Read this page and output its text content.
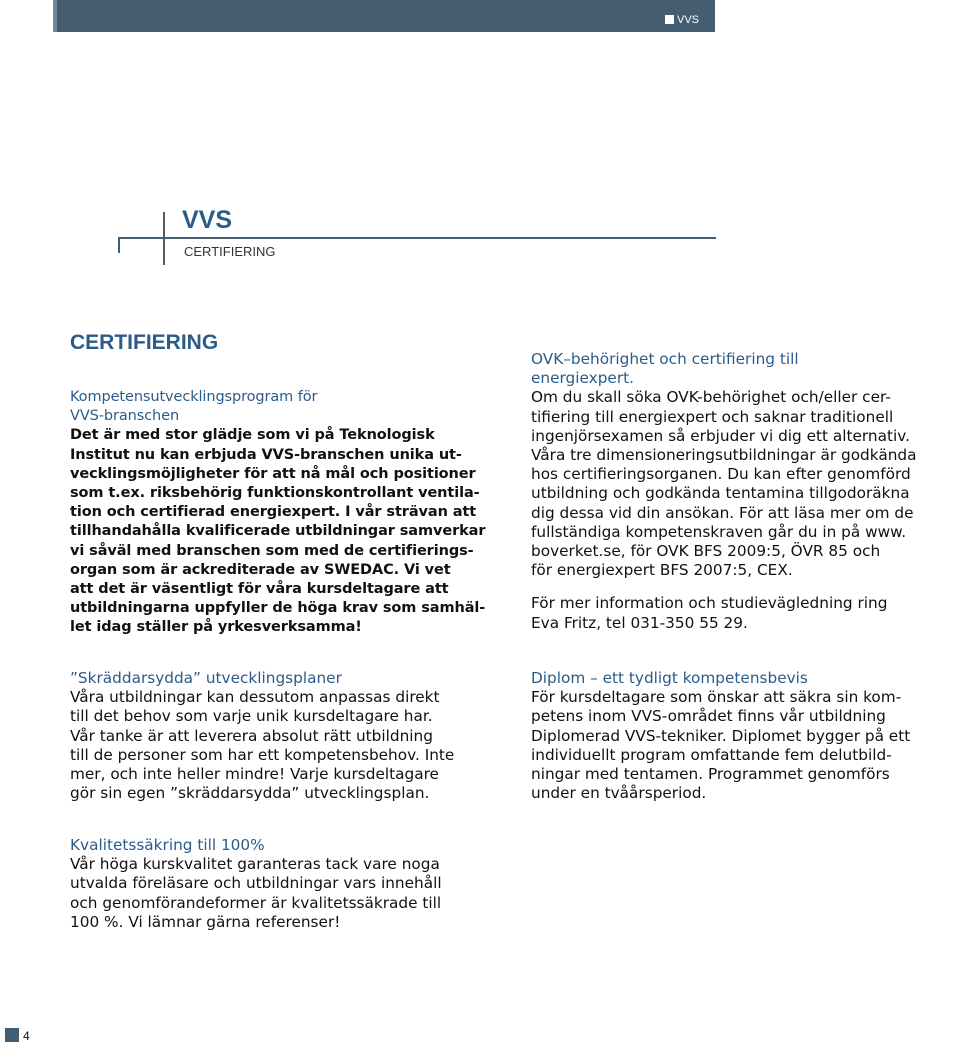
VVS
VVS
CERTIFIERING
CERTIFIERING

Kompetensutvecklingsprogram för
VVS-branschen
Det är med stor glädje som vi på Teknologisk
Institut nu kan erbjuda VVS-branschen unika ut-
vecklingsmöjligheter för att nå mål och positioner
som t.ex. riksbehörig funktionskontrollant ventila-
tion och certifierad energiexpert. I vår strävan att
tillhandahålla kvalificerade utbildningar samverkar
vi såväl med branschen som med de certifierings-
organ som är ackrediterade av SWEDAC. Vi vet
att det är väsentligt för våra kursdeltagare att
utbildningarna uppfyller de höga krav som samhäl-
let idag ställer på yrkesverksamma!

OVK–behörighet och certifiering till
energiexpert.
Om du skall söka OVK-behörighet och/eller cer-
tifiering till energiexpert och saknar traditionell
ingenjörsexamen så erbjuder vi dig ett alternativ.
Våra tre dimensioneringsutbildningar är godkända
hos certifieringsorganen. Du kan efter genomförd
utbildning och godkända tentamina tillgodoräkna
dig dessa vid din ansökan. För att läsa mer om de
fullständiga kompetenskraven går du in på www.
boverket.se, för OVK BFS 2009:5, ÖVR 85 och
för energiexpert BFS 2007:5, CEX.
För mer information och studievägledning ring
Eva Fritz, tel 031-350 55 29.

”Skräddarsydda” utvecklingsplaner
Våra utbildningar kan dessutom anpassas direkt
till det behov som varje unik kursdeltagare har.
Vår tanke är att leverera absolut rätt utbildning
till de personer som har ett kompetensbehov. Inte
mer, och inte heller mindre! Varje kursdeltagare
gör sin egen ”skräddarsydda” utvecklingsplan.

Diplom – ett tydligt kompetensbevis
För kursdeltagare som önskar att säkra sin kom-
petens inom VVS-området finns vår utbildning
Diplomerad VVS-tekniker. Diplomet bygger på ett
individuellt program omfattande fem delutbild-
ningar med tentamen. Programmet genomförs
under en tvåårsperiod.

Kvalitetssäkring till 100%
Vår höga kurskvalitet garanteras tack vare noga
utvalda föreläsare och utbildningar vars innehåll
och genomförandeformer är kvalitetssäkrade till
100 %. Vi lämnar gärna referenser!

4
